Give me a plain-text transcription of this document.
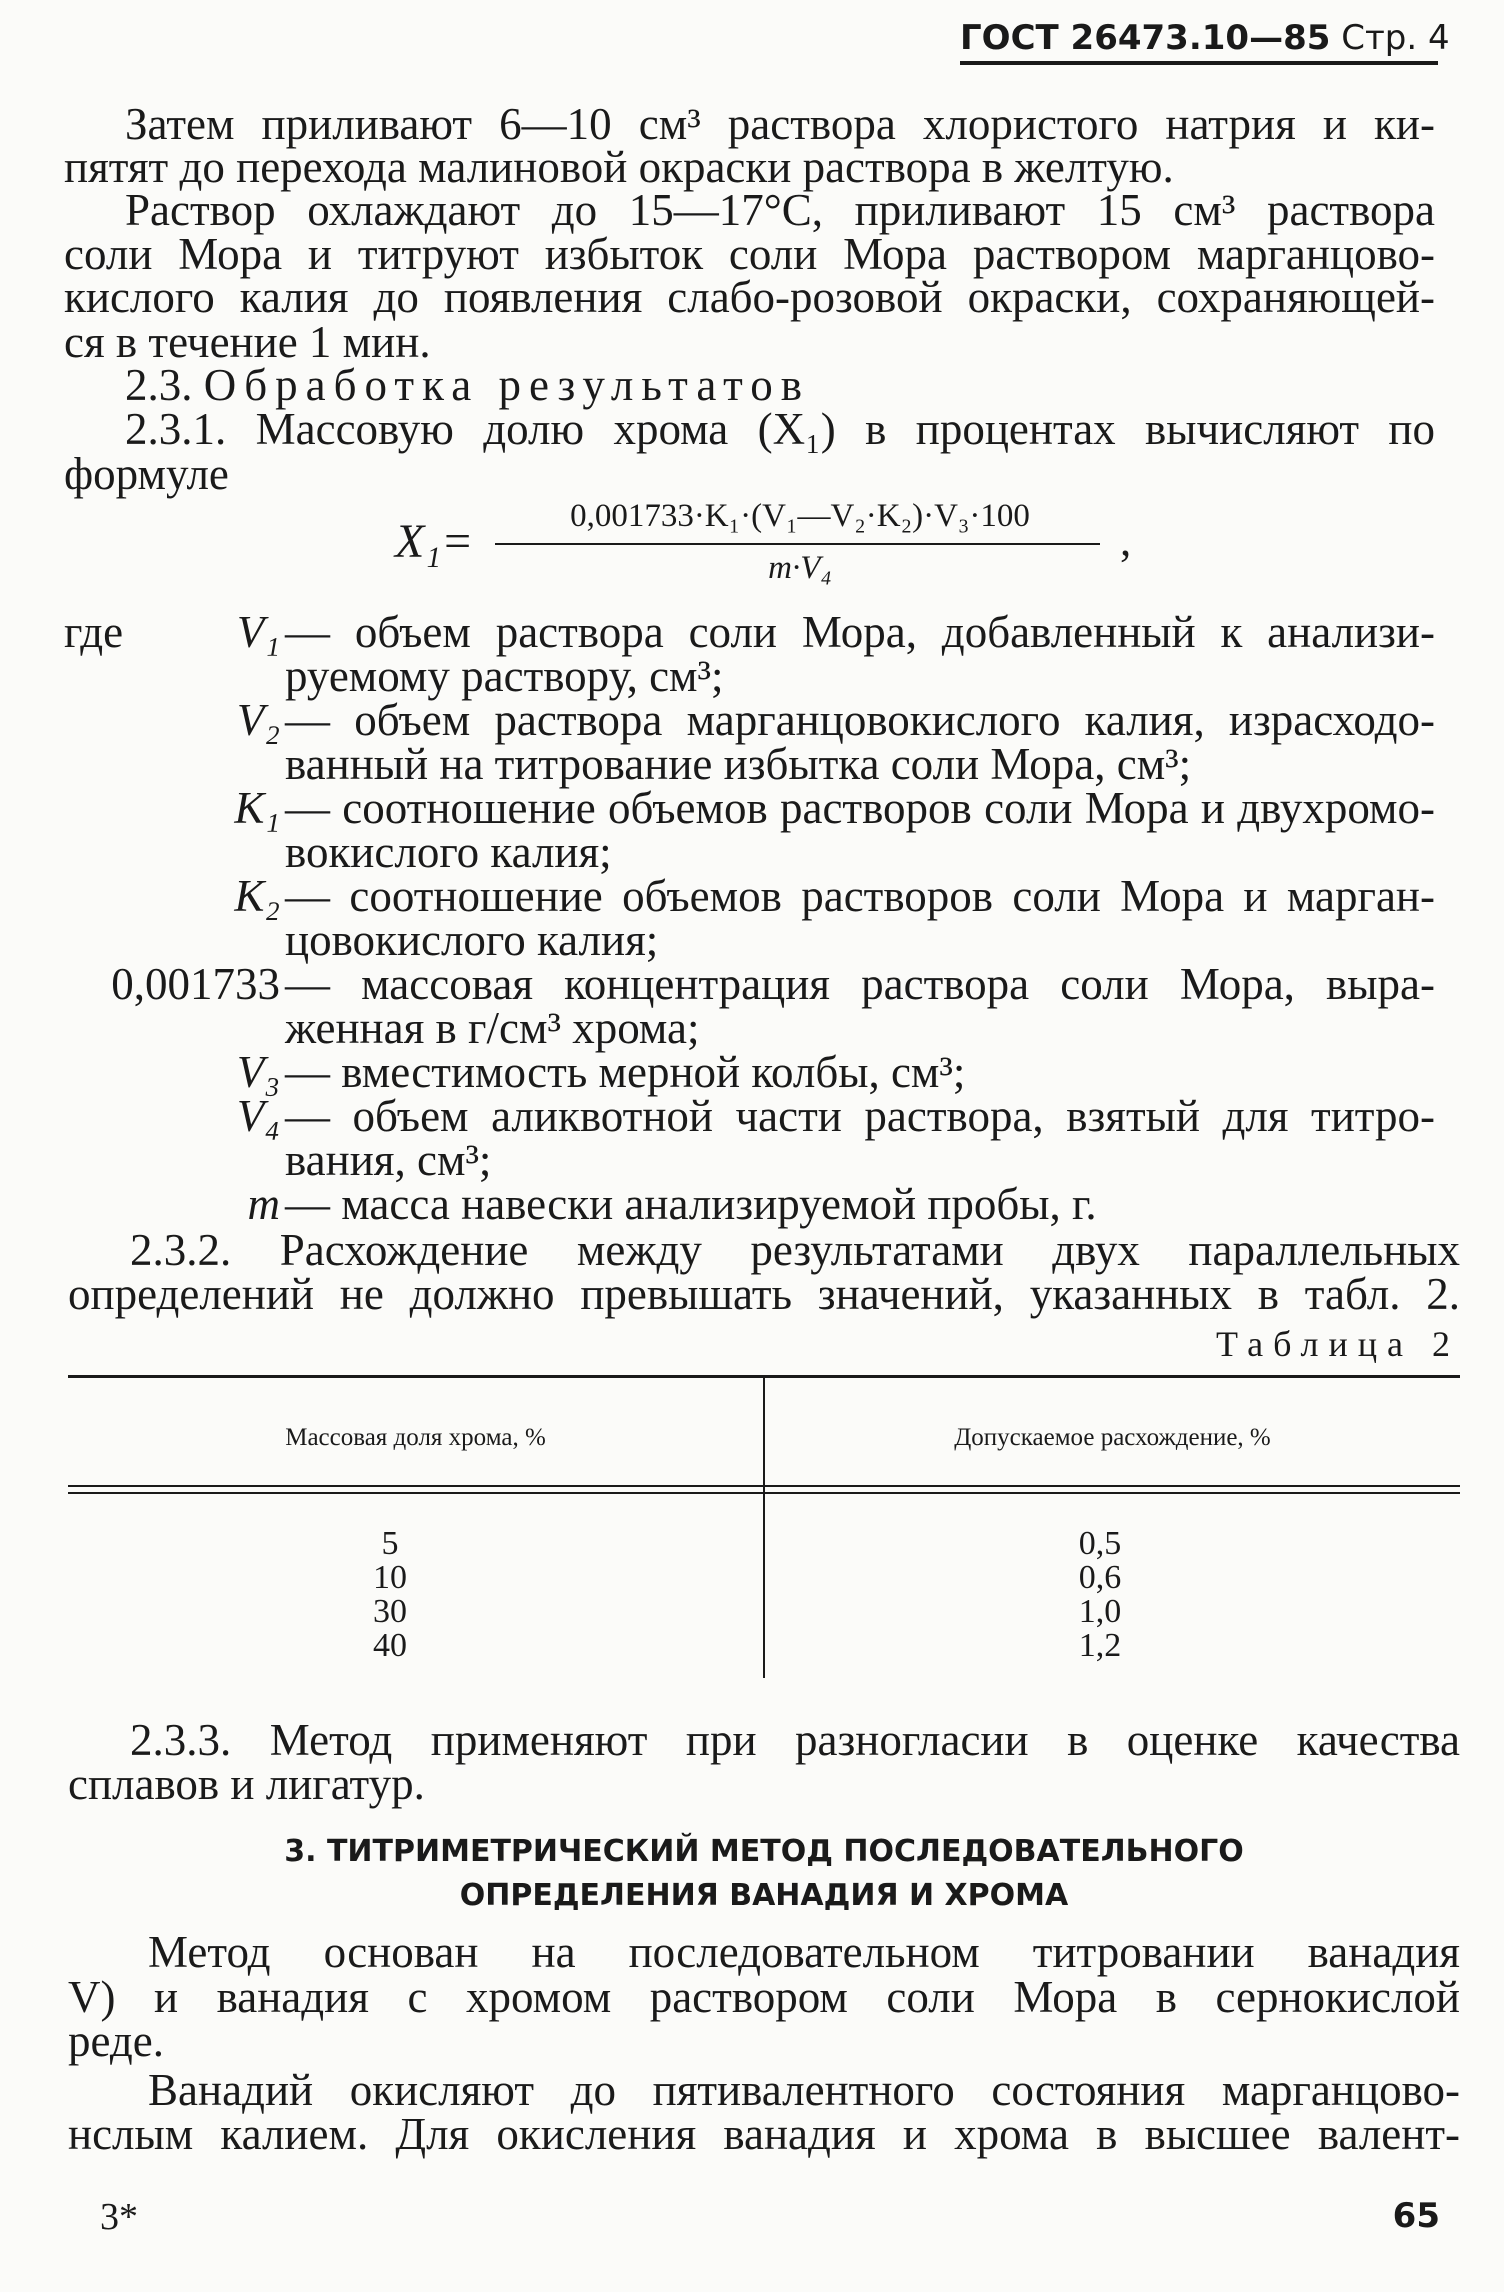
ГОСТ 26473.10—85 Стр. 4
Затем приливают 6—10 см³ раствора хлористого натрия и ки-
пятят до перехода малиновой окраски раствора в желтую.
Раствор охлаждают до 15—17°С, приливают 15 см³ раствора
соли Мора и титруют избыток соли Мора раствором марганцово-
кислого калия до появления слабо-розовой окраски, сохраняющей-
ся в течение 1 мин.
2.3. Обработка результатов
2.3.1. Массовую долю хрома (X₁) в процентах вычисляют по
формуле
X₁=	0,001733·K₁·(V₁—V₂·K₂)·V₃·100
m·V₄
,
где	V₁ — объем раствора соли Мора, добавленный к анализи-
руемому раствору, см³;
V₂ — объем раствора марганцовокислого калия, израсходо-
ванный на титрование избытка соли Мора, см³;
K₁ — соотношение объемов растворов соли Мора и двухромо-
вокислого калия;
K₂ — соотношение объемов растворов соли Мора и марган-
цовокислого калия;
0,001733 — массовая концентрация раствора соли Мора, выра-
женная в г/см³ хрома;
V₃ — вместимость мерной колбы, см³;
V₄ — объем аликвотной части раствора, взятый для титро-
вания, см³;
m — масса навески анализируемой пробы, г.
2.3.2. Расхождение между результатами двух параллельных
определений не должно превышать значений, указанных в табл. 2.
Таблица 2
Массовая доля хрома, %	Допускаемое расхождение, %
5	0,5
10	0,6
30	1,0
40	1,2
2.3.3. Метод применяют при разногласии в оценке качества
сплавов и лигатур.
3. ТИТРИМЕТРИЧЕСКИЙ МЕТОД ПОСЛЕДОВАТЕЛЬНОГО
ОПРЕДЕЛЕНИЯ ВАНАДИЯ И ХРОМА
Метод основан на последовательном титровании ванадия
V) и ванадия с хромом раствором соли Мора в сернокислой
реде.
Ванадий окисляют до пятивалентного состояния марганцово-
нслым калием. Для окисления ванадия и хрома в высшее валент-
3*	65
